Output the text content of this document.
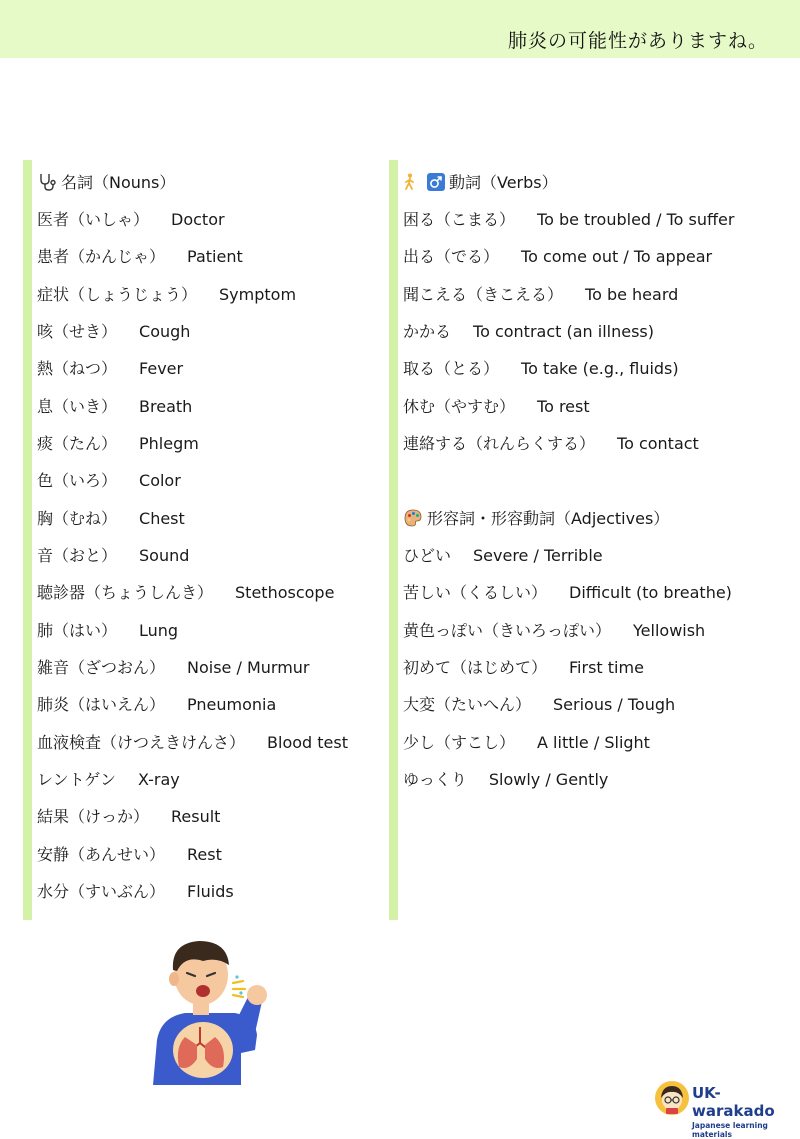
肺炎の可能性がありますね。
名詞（Nouns）
医者（いしゃ） Doctor
患者（かんじゃ） Patient
症状（しょうじょう） Symptom
咳（せき） Cough
熱（ねつ） Fever
息（いき） Breath
痰（たん） Phlegm
色（いろ） Color
胸（むね） Chest
音（おと） Sound
聴診器（ちょうしんき） Stethoscope
肺（はい） Lung
雑音（ざつおん） Noise / Murmur
肺炎（はいえん） Pneumonia
血液検査（けつえきけんさ） Blood test
レントゲン X-ray
結果（けっか） Result
安静（あんせい） Rest
水分（すいぶん） Fluids
動詞（Verbs）
困る（こまる） To be troubled / To suffer
出る（でる） To come out / To appear
聞こえる（きこえる） To be heard
かかる To contract (an illness)
取る（とる） To take (e.g., fluids)
休む（やすむ） To rest
連絡する（れんらくする） To contact
形容詞・形容動詞（Adjectives）
ひどい Severe / Terrible
苦しい（くるしい） Difficult (to breathe)
黄色っぽい（きいろっぽい） Yellowish
初めて（はじめて） First time
大変（たいへん） Serious / Tough
少し（すこし） A little / Slight
ゆっくり Slowly / Gently
UK-warakado
Japanese learning materials
